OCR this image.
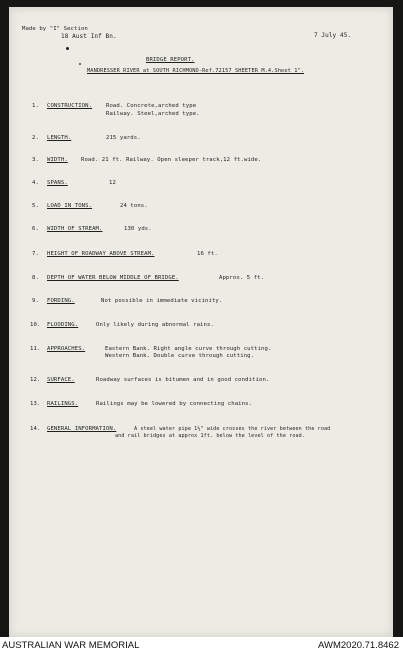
Made by "I" Section
18 Aust Inf Bn.	7 July 45.
BRIDGE REPORT.
MANDRESSER RIVER at SOUTH RICHMOND-Ref.72157 SHEETER M.4.Sheet 1".
1. CONSTRUCTION. Road. Concrete,arched type
Railway. Steel,arched type.
2. LENGTH.	215 yards.
3. WIDTH. Road. 21 ft. Railway. Open sleeper track,12 ft.wide.
4. SPANS.	12
5. LOAD IN TONS.	24 tons.
6. WIDTH OF STREAM.	130 yds.
7. HEIGHT OF ROADWAY ABOVE STREAM.	16 ft.
8. DEPTH OF WATER BELOW MIDDLE OF BRIDGE.	Approx. 5 ft.
9. FORDING.	Not possible in immediate vicinity.
10. FLOODING.	Only likely during abnormal rains.
11. APPROACHES.	Eastern Bank. Right angle curve through cutting.
Western Bank. Double curve through cutting.
12. SURFACE.	Roadway surfaces is bitumen and in good condition.
13. RAILINGS.	Railings may be lowered by connecting chains.
14. GENERAL INFORMATION.	A steel water pipe 1½" wide crosses the river between the road
and rail bridges at approx 1ft. below the level of the road.
AUSTRALIAN WAR MEMORIAL	AWM2020.71.8462
